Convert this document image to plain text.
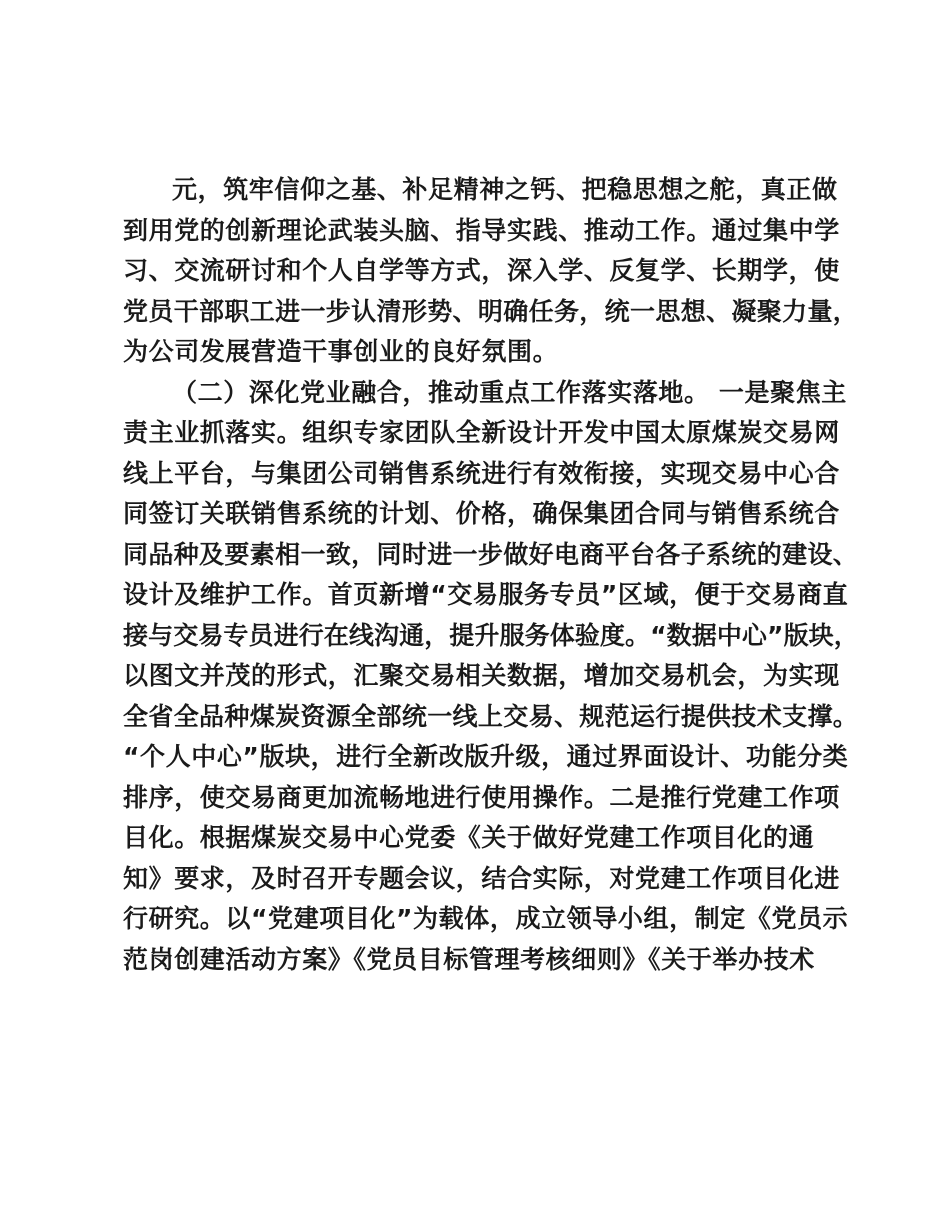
元，筑牢信仰之基、补足精神之钙、把稳思想之舵，真正做
到用党的创新理论武装头脑、指导实践、推动工作。通过集中学
习、交流研讨和个人自学等方式，深入学、反复学、长期学，使
党员干部职工进一步认清形势、明确任务，统一思想、凝聚力量，
为公司发展营造干事创业的良好氛围。
（二）深化党业融合，推动重点工作落实落地。 一是聚焦主
责主业抓落实。组织专家团队全新设计开发中国太原煤炭交易网
线上平台，与集团公司销售系统进行有效衔接，实现交易中心合
同签订关联销售系统的计划、价格，确保集团合同与销售系统合
同品种及要素相一致，同时进一步做好电商平台各子系统的建设、
设计及维护工作。首页新增“交易服务专员”区域，便于交易商直
接与交易专员进行在线沟通，提升服务体验度。“数据中心”版块，
以图文并茂的形式，汇聚交易相关数据，增加交易机会，为实现
全省全品种煤炭资源全部统一线上交易、规范运行提供技术支撑。
“个人中心”版块，进行全新改版升级，通过界面设计、功能分类
排序，使交易商更加流畅地进行使用操作。二是推行党建工作项
目化。根据煤炭交易中心党委《关于做好党建工作项目化的通
知》要求，及时召开专题会议，结合实际，对党建工作项目化进
行研究。以“党建项目化”为载体，成立领导小组，制定《党员示
范岗创建活动方案》《党员目标管理考核细则》《关于举办技术
